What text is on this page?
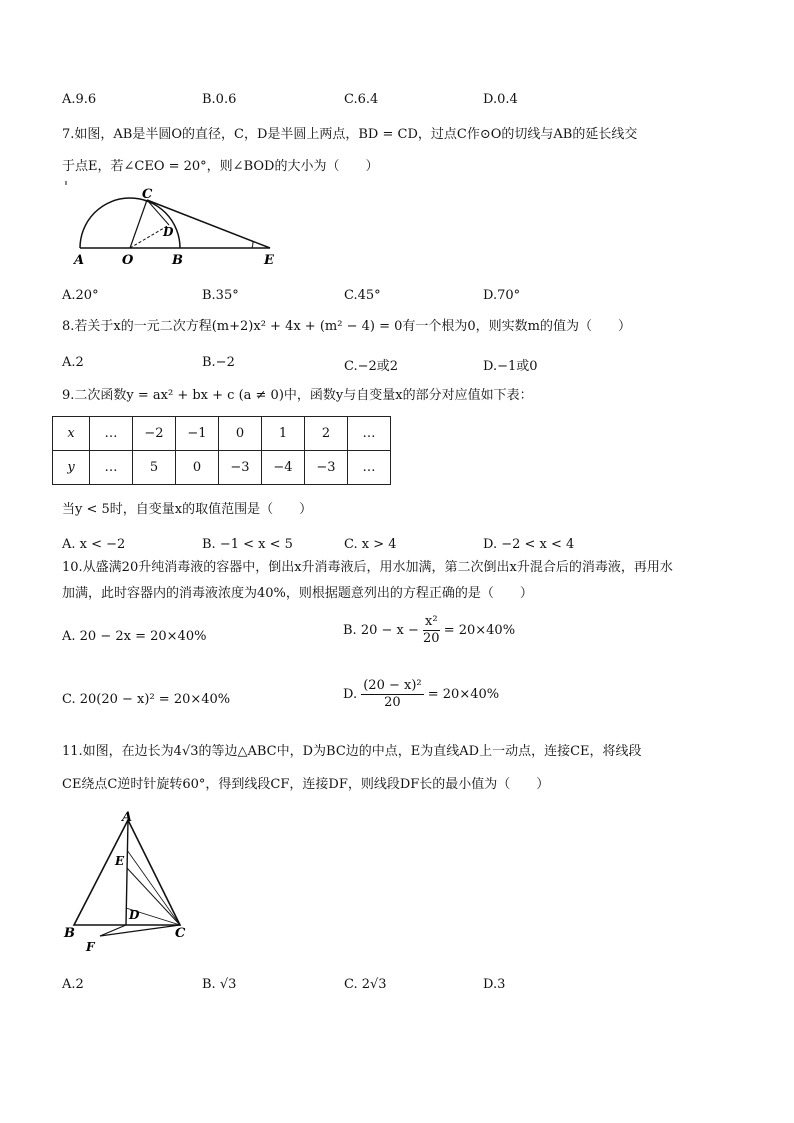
A.9.6	B.0.6	C.6.4	D.0.4
7.如图，AB是半圆O的直径，C，D是半圆上两点，BD = CD，过点C作⊙O的切线与AB的延长线交
于点E，若∠CEO = 20°，则∠BOD的大小为（　　）
A	O	B
C
D
E
A.20°	B.35°	C.45°	D.70°
8.若关于x的一元二次方程(m+2)x² + 4x + (m² − 4) = 0有一个根为0，则实数m的值为（　　）
A.2	B.−2	C.−2或2	D.−1或0
9.二次函数y = ax² + bx + c (a ≠ 0)中，函数y与自变量x的部分对应值如下表：
x	…	−2	−1	0	1	2	…
y	…	5	0	−3	−4	−3	…
当y < 5时，自变量x的取值范围是（　　）
A. x < −2	B. −1 < x < 5	C. x > 4	D. −2 < x < 4
10.从盛满20升纯消毒液的容器中，倒出x升消毒液后，用水加满，第二次倒出x升混合后的消毒液，再用水
加满，此时容器内的消毒液浓度为40%，则根据题意列出的方程正确的是（　　）
A. 20 − 2x = 20×40%	B. $20 - x - \frac{\text{x²}}{20} = 20\times 40\%$
C. 20(20 − x)² = 20×40%	D. $\frac{\text{(20 − x)²}}{20} = 20\times 40\%$
11.如图，在边长为4√3的等边△ABC中，D为BC边的中点，E为直线AD上一动点，连接CE，将线段
CE绕点C逆时针旋转60°，得到线段CF，连接DF，则线段DF长的最小值为（　　）
A
E
D
B	C
F
A.2	B. √3	C. 2√3	D.3
